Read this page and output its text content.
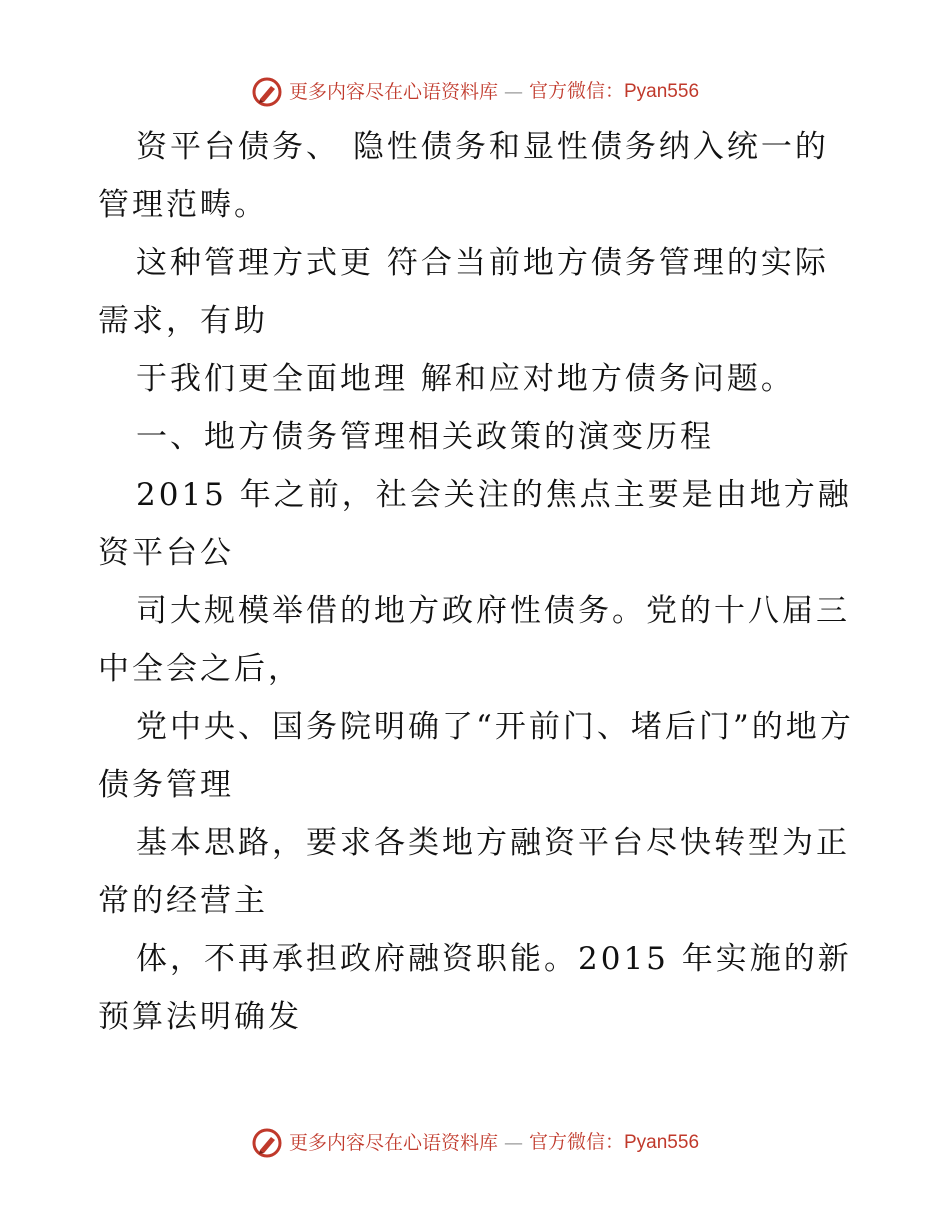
更多内容尽在心语资料库 — 官方微信：Pyan556

资平台债务、 隐性债务和显性债务纳入统一的管理范畴。

这种管理方式更 符合当前地方债务管理的实际需求，有助

于我们更全面地理 解和应对地方债务问题。

一、地方债务管理相关政策的演变历程

2015 年之前，社会关注的焦点主要是由地方融资平台公

司大规模举借的地方政府性债务。党的十八届三中全会之后，

党中央、国务院明确了“开前门、堵后门”的地方债务管理

基本思路，要求各类地方融资平台尽快转型为正常的经营主

体，不再承担政府融资职能。2015 年实施的新预算法明确发

更多内容尽在心语资料库 — 官方微信：Pyan556
